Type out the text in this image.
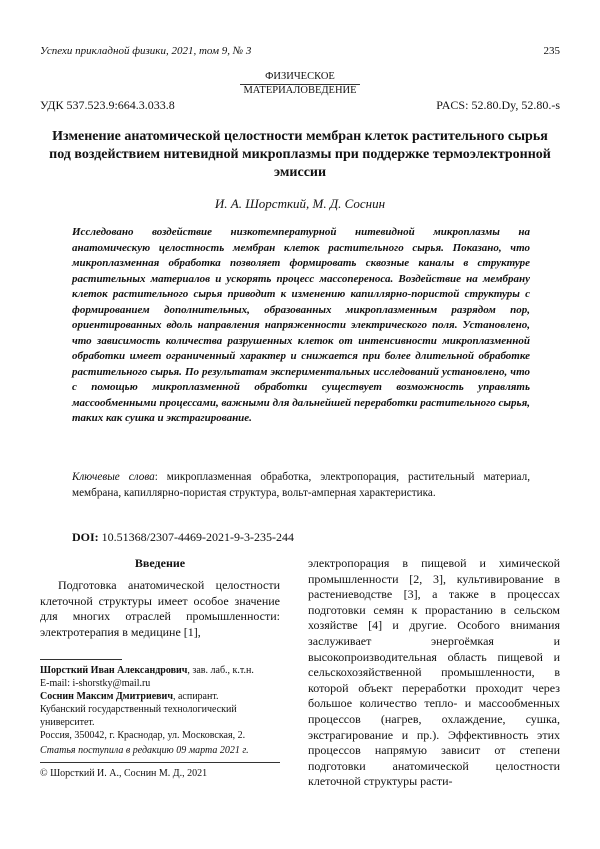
Успехи прикладной физики, 2021, том 9, № 3	235
ФИЗИЧЕСКОЕ
МАТЕРИАЛОВЕДЕНИЕ
УДК 537.523.9:664.3.033.8	PACS: 52.80.Dy, 52.80.-s
Изменение анатомической целостности мембран клеток растительного сырья под воздействием нитевидной микроплазмы при поддержке термоэлектронной эмиссии
И. А. Шорсткий, М. Д. Соснин
Исследовано воздействие низкотемпературной нитевидной микроплазмы на анатомическую целостность мембран клеток растительного сырья. Показано, что микроплазменная обработка позволяет формировать сквозные каналы в структуре растительных материалов и ускорять процесс массопереноса. Воздействие на мембрану клеток растительного сырья приводит к изменению капиллярно-пористой структуры с формированием дополнительных, образованных микроплазменным разрядом пор, ориентированных вдоль направления напряженности электрического поля. Установлено, что зависимость количества разрушенных клеток от интенсивности микроплазменной обработки имеет ограниченный характер и снижается при более длительной обработке растительного сырья. По результатам экспериментальных исследований установлено, что с помощью микроплазменной обработки существует возможность управлять массообменными процессами, важными для дальнейшей переработки растительного сырья, таких как сушка и экстрагирование.
Ключевые слова: микроплазменная обработка, электропорация, растительный материал, мембрана, капиллярно-пористая структура, вольт-амперная характеристика.
DOI: 10.51368/2307-4469-2021-9-3-235-244
Введение

Подготовка анатомической целостности клеточной структуры имеет особое значение для многих отраслей промышленности: электротерапия в медицине [1],

Шорсткий Иван Александрович, зав. лаб., к.т.н.
E-mail: i-shorstky@mail.ru
Соснин Максим Дмитриевич, аспирант.
Кубанский государственный технологический университет.
Россия, 350042, г. Краснодар, ул. Московская, 2.
Статья поступила в редакцию 09 марта 2021 г.
© Шорсткий И. А., Соснин М. Д., 2021

электропорация в пищевой и химической промышленности [2, 3], культивирование в растениеводстве [3], а также в процессах подготовки семян к прорастанию в сельском хозяйстве [4] и другие. Особого внимания заслуживает энергоёмкая и высокопроизводительная область пищевой и сельскохозяйственной промышленности, в которой объект переработки проходит через большое количество тепло- и массообменных процессов (нагрев, охлаждение, сушка, экстрагирование и пр.). Эффективность этих процессов напрямую зависит от степени подготовки анатомической целостности клеточной структуры расти-
